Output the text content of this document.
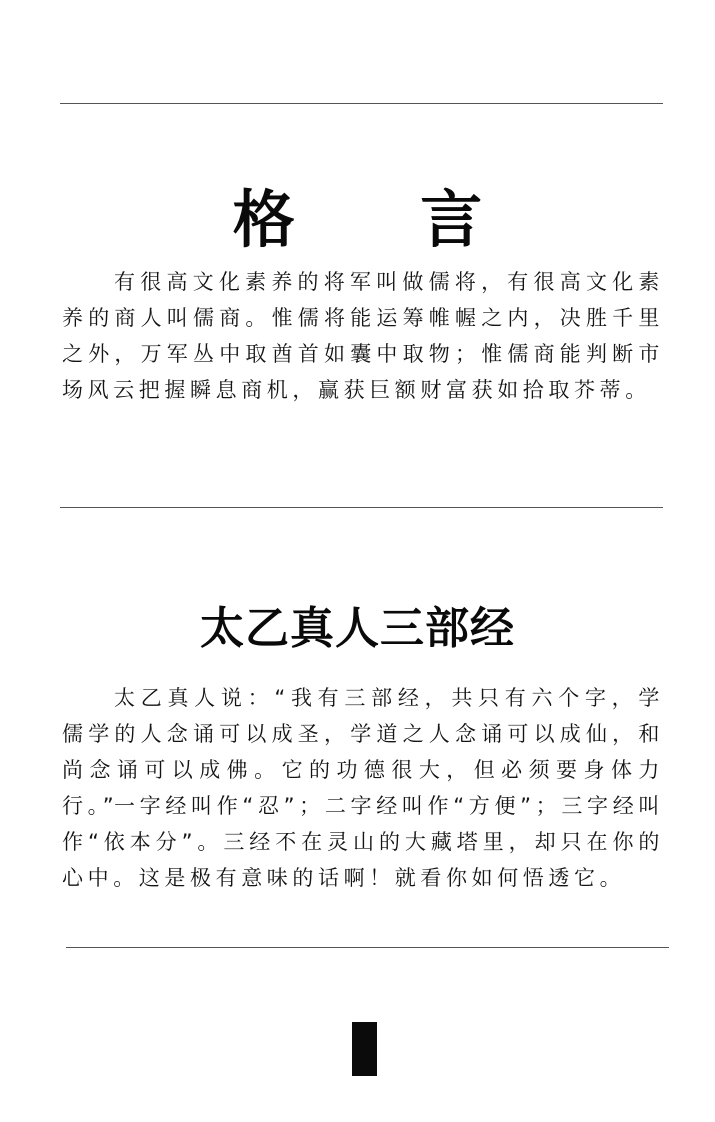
格 言

有很高文化素养的将军叫做儒将，有很高文化素养的商人叫儒商。惟儒将能运筹帷幄之内，决胜千里之外，万军丛中取酋首如囊中取物；惟儒商能判断市场风云把握瞬息商机，赢获巨额财富获如拾取芥蒂。

太乙真人三部经

太乙真人说：“我有三部经，共只有六个字，学儒学的人念诵可以成圣，学道之人念诵可以成仙，和尚念诵可以成佛。它的功德很大，但必须要身体力行。”

一字经叫作“忍”；二字经叫作“方便”；三字经叫作“依本分”。三经不在灵山的大藏塔里，却只在你的心中。这是极有意味的话啊！就看你如何悟透它。
